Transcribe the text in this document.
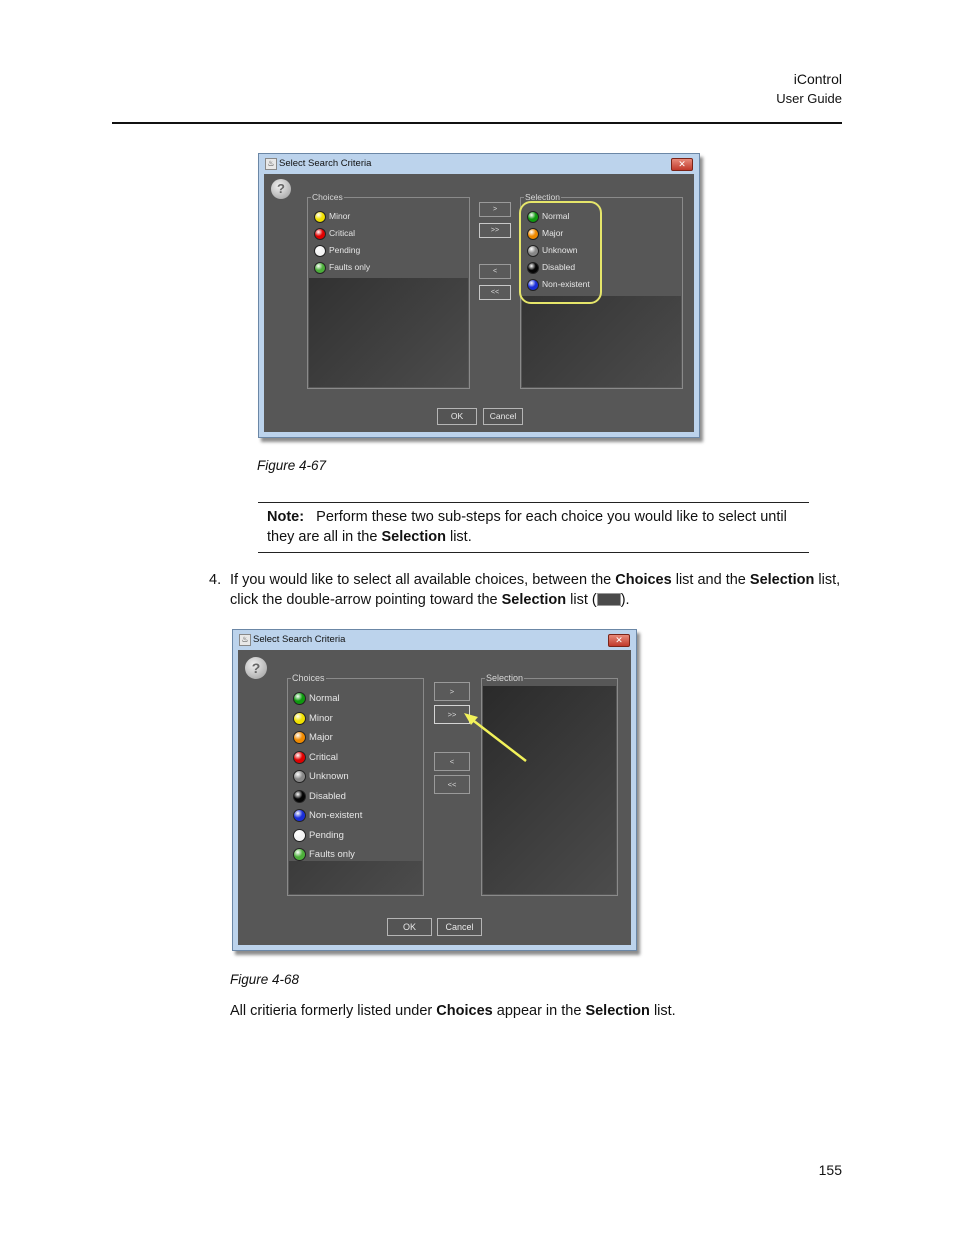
iControl
User Guide
♨ Select Search Criteria	✕
?
Choices
Minor
Critical
Pending
Faults only
>
>>
<
<<
Selection
Normal
Major
Unknown
Disabled
Non-existent
OK	Cancel
Figure 4-67

Note: Perform these two sub-steps for each choice you would like to select until they are all in the Selection list.

4. If you would like to select all available choices, between the Choices list and the Selection list, click the double-arrow pointing toward the Selection list ( ).
♨ Select Search Criteria	✕
?
Choices
Normal
Minor
Major
Critical
Unknown
Disabled
Non-existent
Pending
Faults only
>
>>
<
<<
Selection
OK	Cancel
Figure 4-68
All critieria formerly listed under Choices appear in the Selection list.
155
